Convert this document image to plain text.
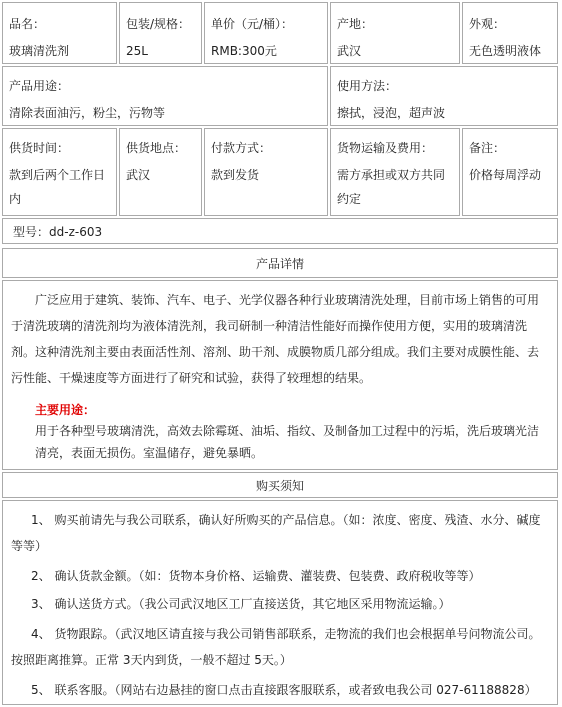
品名：
玻璃清洗剂
包装/规格：
25L
单价（元/桶）：
RMB:300元
产地：
武汉
外观：
无色透明液体
产品用途：
清除表面油污，粉尘，污物等
使用方法：
擦拭，浸泡，超声波
供货时间：
款到后两个工作日内
供货地点：
武汉
付款方式：
款到发货
货物运输及费用：
需方承担或双方共同约定
备注：
价格每周浮动
型号：dd-z-603
产品详情
广泛应用于建筑、装饰、汽车、电子、光学仪器各种行业玻璃清洗处理，目前市场上销售的可用于清洗玻璃的清洗剂均为液体清洗剂，我司研制一种清洁性能好而操作使用方便，实用的玻璃清洗剂。这种清洗剂主要由表面活性剂、溶剂、助干剂、成膜物质几部分组成。我们主要对成膜性能、去污性能、干燥速度等方面进行了研究和试验，获得了较理想的结果。
主要用途：
用于各种型号玻璃清洗，高效去除霉斑、油垢、指纹、及制备加工过程中的污垢，洗后玻璃光洁清亮，表面无损伤。室温储存，避免暴晒。
购买须知
1、 购买前请先与我公司联系，确认好所购买的产品信息。（如：浓度、密度、残渣、水分、碱度等等）
2、 确认货款金额。（如：货物本身价格、运输费、灌装费、包装费、政府税收等等）
3、 确认送货方式。（我公司武汉地区工厂直接送货，其它地区采用物流运输。）
4、 货物跟踪。（武汉地区请直接与我公司销售部联系，走物流的我们也会根据单号问物流公司。按照距离推算。正常 3天内到货，一般不超过 5天。）
5、 联系客服。（网站右边悬挂的窗口点击直接跟客服联系，或者致电我公司 027-61188828）
